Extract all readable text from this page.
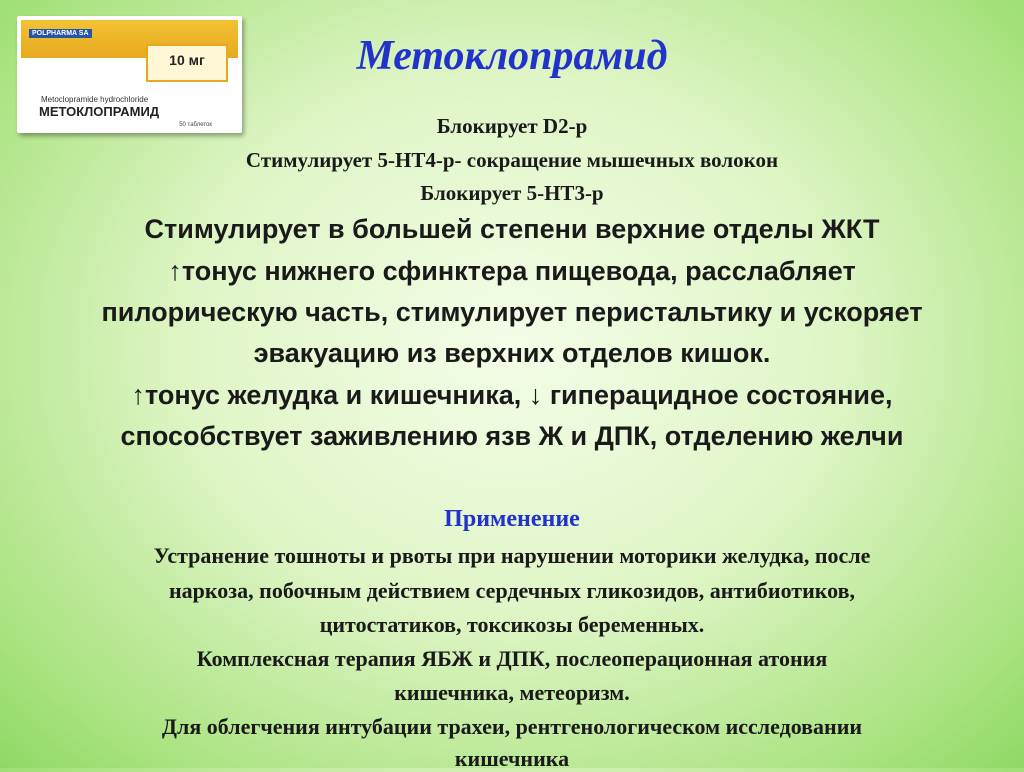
POLPHARMA SA
10 мг
Metoclopramide hydrochloride
МЕТОКЛОПРАМИД
50 таблеток
Метоклопрамид

Блокирует D2-р

Стимулирует 5-НТ4-р- сокращение мышечных волокон

Блокирует 5-НТ3-р

Стимулирует в большей степени верхние отделы ЖКТ

↑тонус нижнего сфинктера пищевода, расслабляет

пилорическую часть, стимулирует перистальтику и ускоряет

эвакуацию из верхних отделов кишок.

↑тонус желудка и кишечника, ↓ гиперацидное состояние,

способствует заживлению язв Ж и ДПК, отделению желчи

Применение

Устранение тошноты и рвоты при нарушении моторики желудка, после

наркоза, побочным действием сердечных гликозидов, антибиотиков,

цитостатиков, токсикозы беременных.

Комплексная терапия ЯБЖ и ДПК, послеоперационная атония

кишечника, метеоризм.

Для облегчения интубации трахеи, рентгенологическом исследовании

кишечника
